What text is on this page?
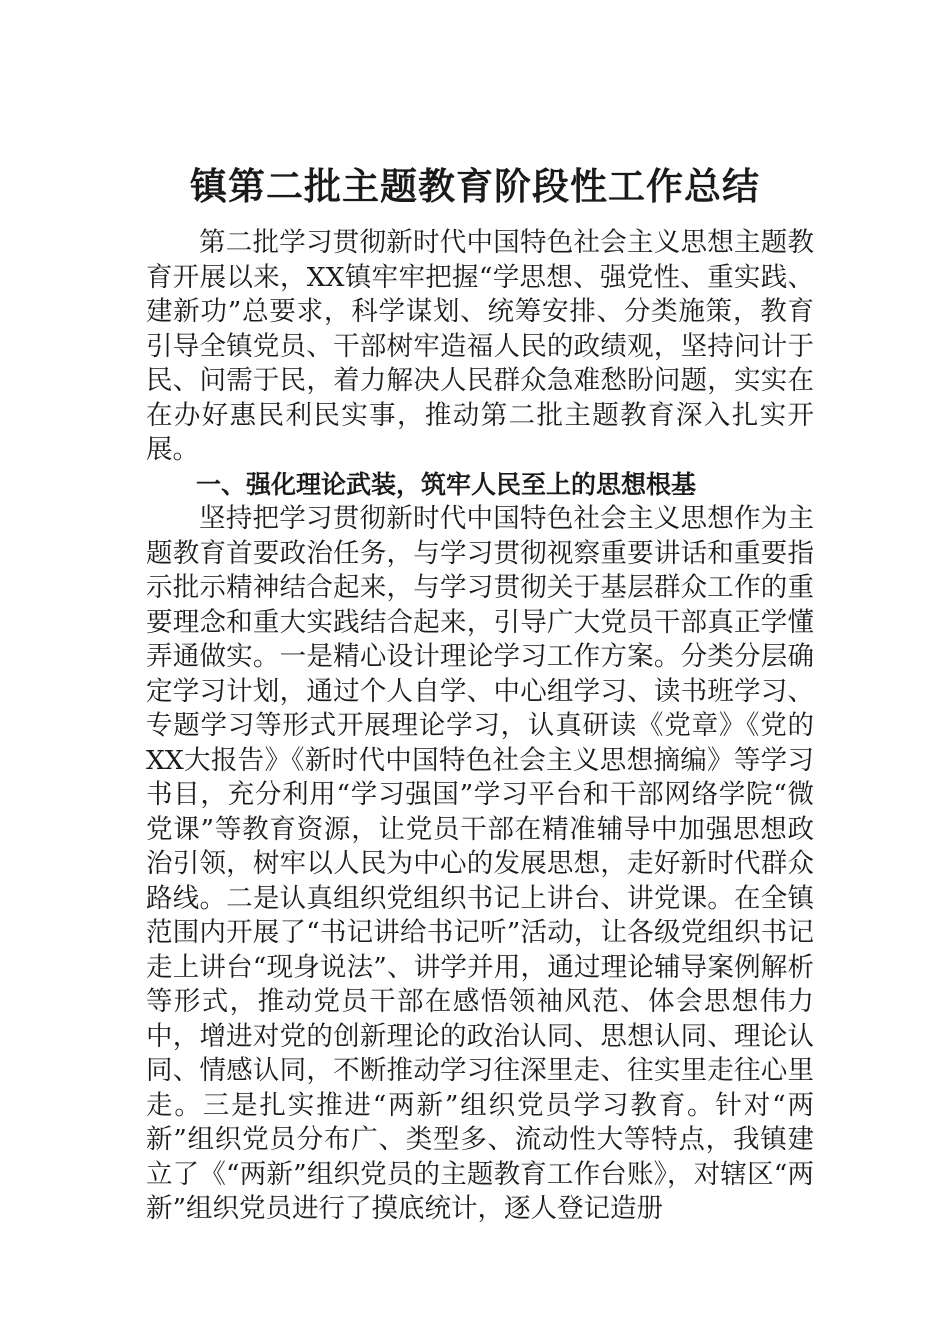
镇第二批主题教育阶段性工作总结

第二批学习贯彻新时代中国特色社会主义思想主题教育开展以来，XX镇牢牢把握“学思想、强党性、重实践、建新功”总要求，科学谋划、统筹安排、分类施策，教育引导全镇党员、干部树牢造福人民的政绩观，坚持问计于民、问需于民，着力解决人民群众急难愁盼问题，实实在在办好惠民利民实事，推动第二批主题教育深入扎实开展。

一、强化理论武装，筑牢人民至上的思想根基

坚持把学习贯彻新时代中国特色社会主义思想作为主题教育首要政治任务，与学习贯彻视察重要讲话和重要指示批示精神结合起来，与学习贯彻关于基层群众工作的重要理念和重大实践结合起来，引导广大党员干部真正学懂弄通做实。一是精心设计理论学习工作方案。分类分层确定学习计划，通过个人自学、中心组学习、读书班学习、专题学习等形式开展理论学习，认真研读《党章》《党的XX大报告》《新时代中国特色社会主义思想摘编》等学习书目，充分利用“学习强国”学习平台和干部网络学院“微党课”等教育资源，让党员干部在精准辅导中加强思想政治引领，树牢以人民为中心的发展思想，走好新时代群众路线。二是认真组织党组织书记上讲台、讲党课。在全镇范围内开展了“书记讲给书记听”活动，让各级党组织书记走上讲台“现身说法”、讲学并用，通过理论辅导案例解析等形式，推动党员干部在感悟领袖风范、体会思想伟力中，增进对党的创新理论的政治认同、思想认同、理论认同、情感认同，不断推动学习往深里走、往实里走往心里走。三是扎实推进“两新”组织党员学习教育。针对“两新”组织党员分布广、类型多、流动性大等特点，我镇建立了《“两新”组织党员的主题教育工作台账》，对辖区“两新”组织党员进行了摸底统计，逐人登记造册
